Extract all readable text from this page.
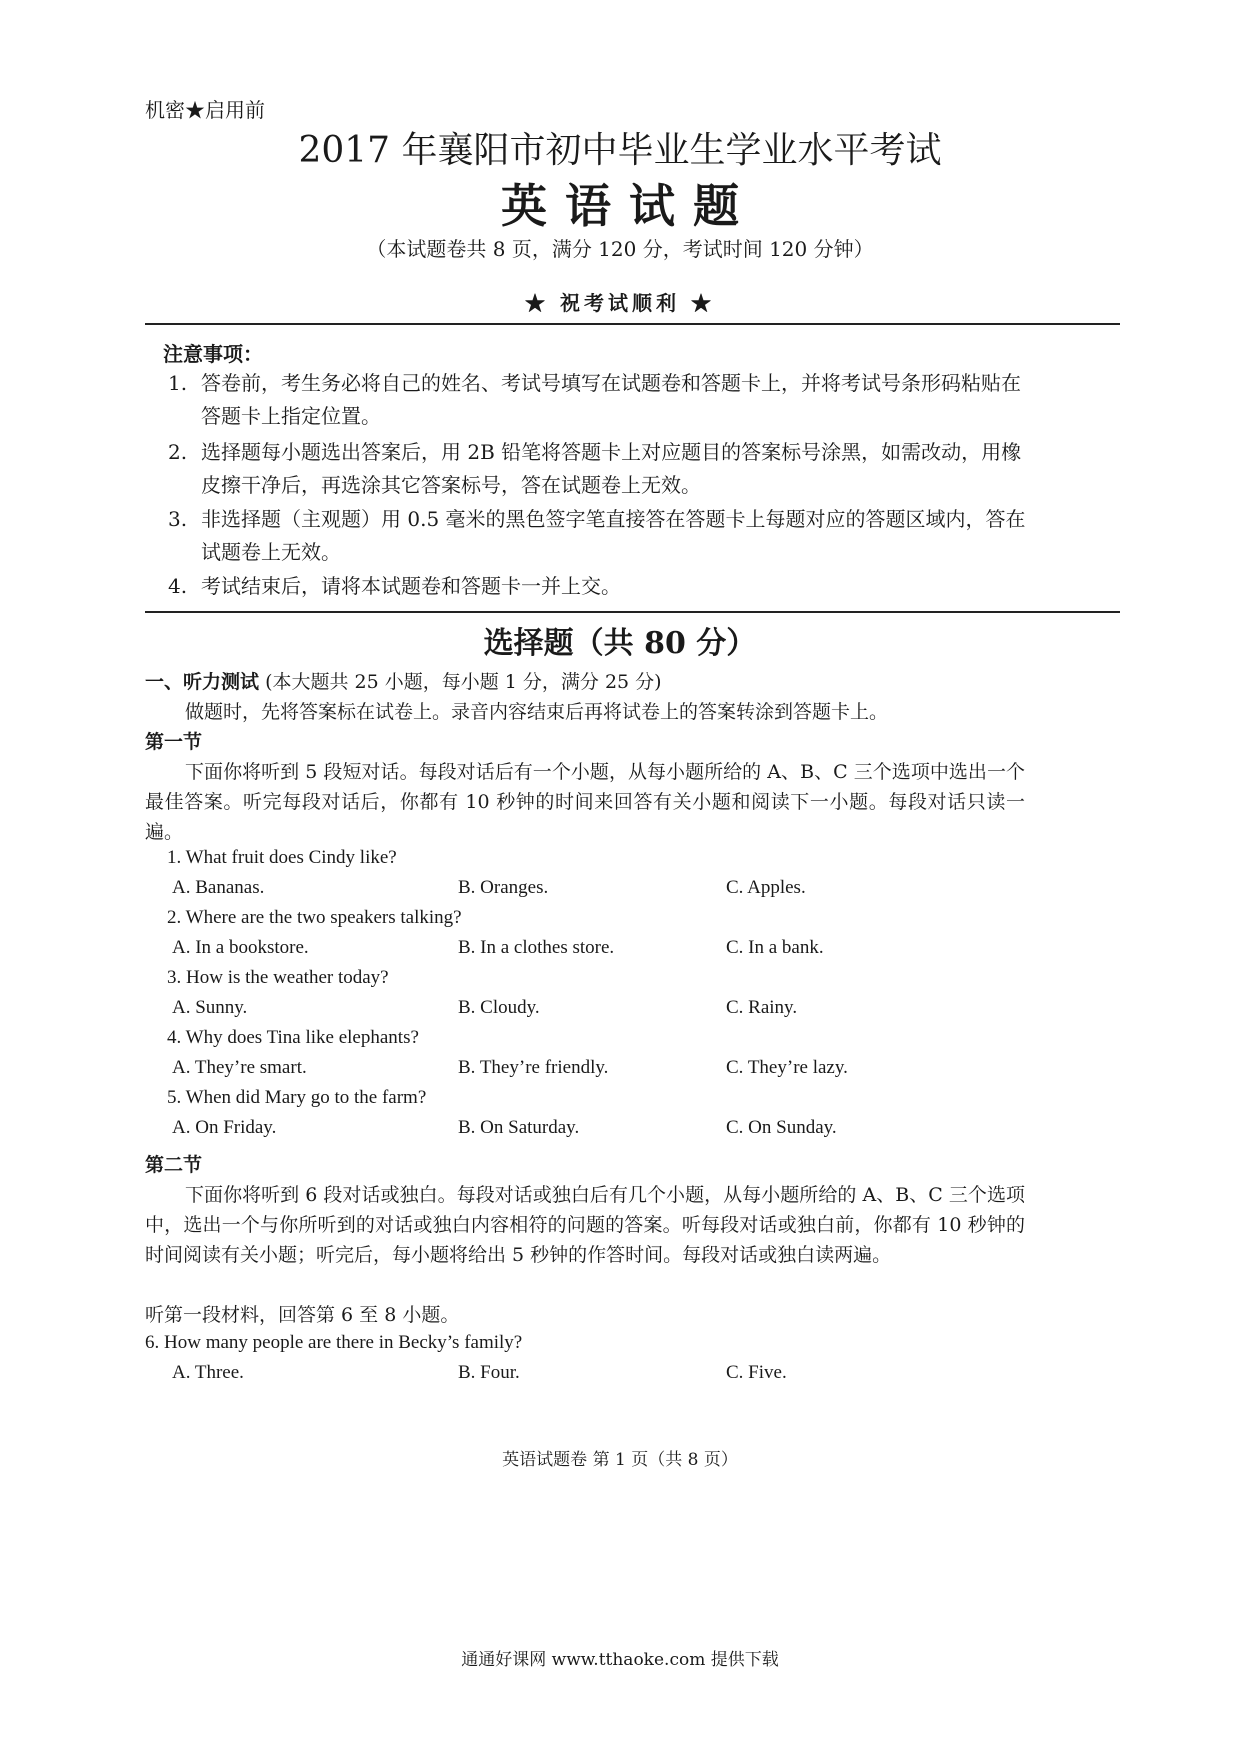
机密★启用前
2017 年襄阳市初中毕业生学业水平考试
英语试题
（本试题卷共 8 页，满分 120 分，考试时间 120 分钟）
★ 祝考试顺利 ★
注意事项：
1. 答卷前，考生务必将自己的姓名、考试号填写在试题卷和答题卡上，并将考试号条形码粘贴在答题卡上指定位置。
2. 选择题每小题选出答案后，用 2B 铅笔将答题卡上对应题目的答案标号涂黑，如需改动，用橡皮擦干净后，再选涂其它答案标号，答在试题卷上无效。
3. 非选择题（主观题）用 0.5 毫米的黑色签字笔直接答在答题卡上每题对应的答题区域内，答在试题卷上无效。
4. 考试结束后，请将本试题卷和答题卡一并上交。
选择题（共 80 分）
一、听力测试 (本大题共 25 小题，每小题 1 分，满分 25 分)
做题时，先将答案标在试卷上。录音内容结束后再将试卷上的答案转涂到答题卡上。
第一节
下面你将听到 5 段短对话。每段对话后有一个小题，从每小题所给的 A、B、C 三个选项中选出一个最佳答案。听完每段对话后，你都有 10 秒钟的时间来回答有关小题和阅读下一小题。每段对话只读一遍。
1. What fruit does Cindy like?
A. Bananas.	B. Oranges.	C. Apples.
2. Where are the two speakers talking?
A. In a bookstore.	B. In a clothes store.	C. In a bank.
3. How is the weather today?
A. Sunny.	B. Cloudy.	C. Rainy.
4. Why does Tina like elephants?
A. They’re smart.	B. They’re friendly.	C. They’re lazy.
5. When did Mary go to the farm?
A. On Friday.	B. On Saturday.	C. On Sunday.
第二节
下面你将听到 6 段对话或独白。每段对话或独白后有几个小题，从每小题所给的 A、B、C 三个选项中，选出一个与你所听到的对话或独白内容相符的问题的答案。听每段对话或独白前，你都有 10 秒钟的时间阅读有关小题；听完后，每小题将给出 5 秒钟的作答时间。每段对话或独白读两遍。
听第一段材料，回答第 6 至 8 小题。
6. How many people are there in Becky’s family?
A. Three.	B. Four.	C. Five.
英语试题卷 第 1 页（共 8 页）
通通好课网 www.tthaoke.com 提供下载
